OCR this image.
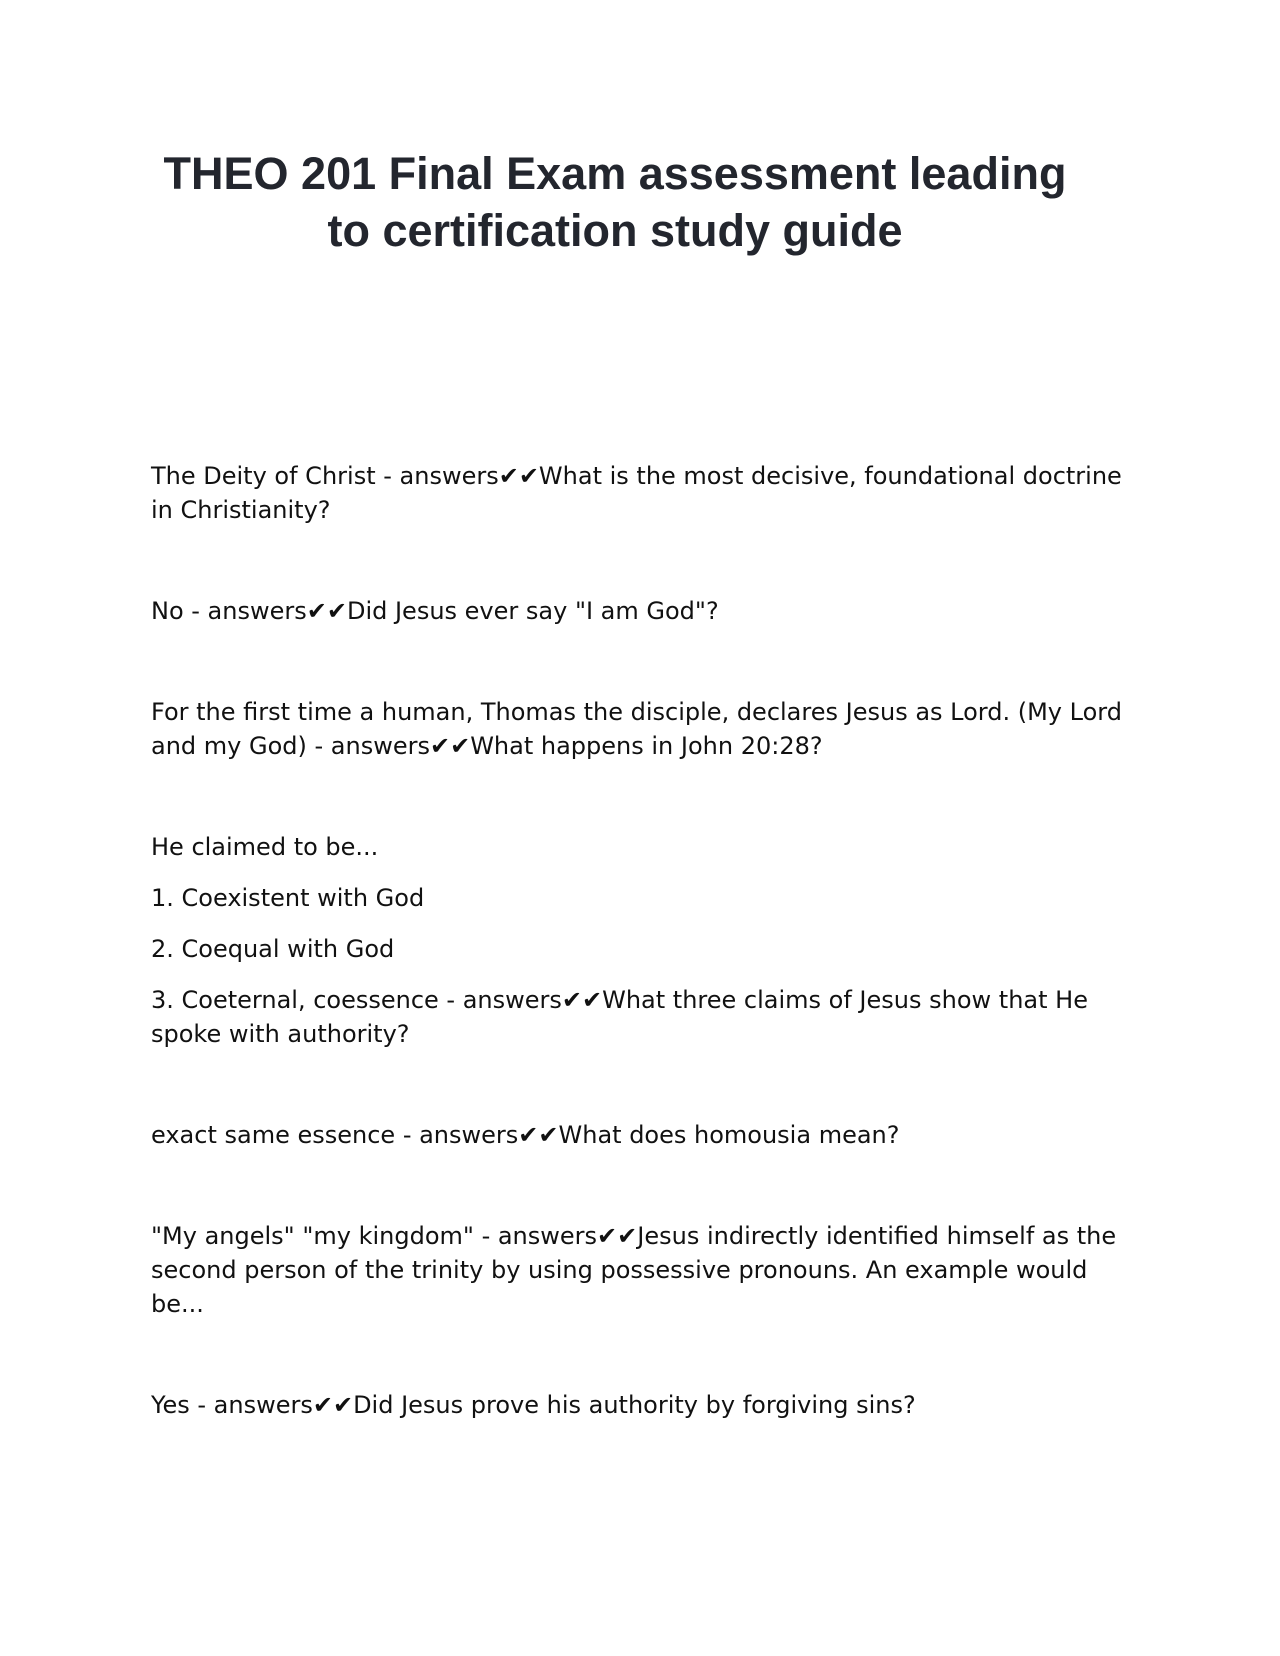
THEO 201 Final Exam assessment leading
to certification study guide

The Deity of Christ - answers✔✔What is the most decisive, foundational doctrine in Christianity?

No - answers✔✔Did Jesus ever say "I am God"?

For the first time a human, Thomas the disciple, declares Jesus as Lord. (My Lord and my God) - answers✔✔What happens in John 20:28?

He claimed to be...

1. Coexistent with God

2. Coequal with God

3. Coeternal, coessence - answers✔✔What three claims of Jesus show that He spoke with authority?

exact same essence - answers✔✔What does homousia mean?

"My angels" "my kingdom" - answers✔✔Jesus indirectly identified himself as the second person of the trinity by using possessive pronouns. An example would be...

Yes - answers✔✔Did Jesus prove his authority by forgiving sins?
